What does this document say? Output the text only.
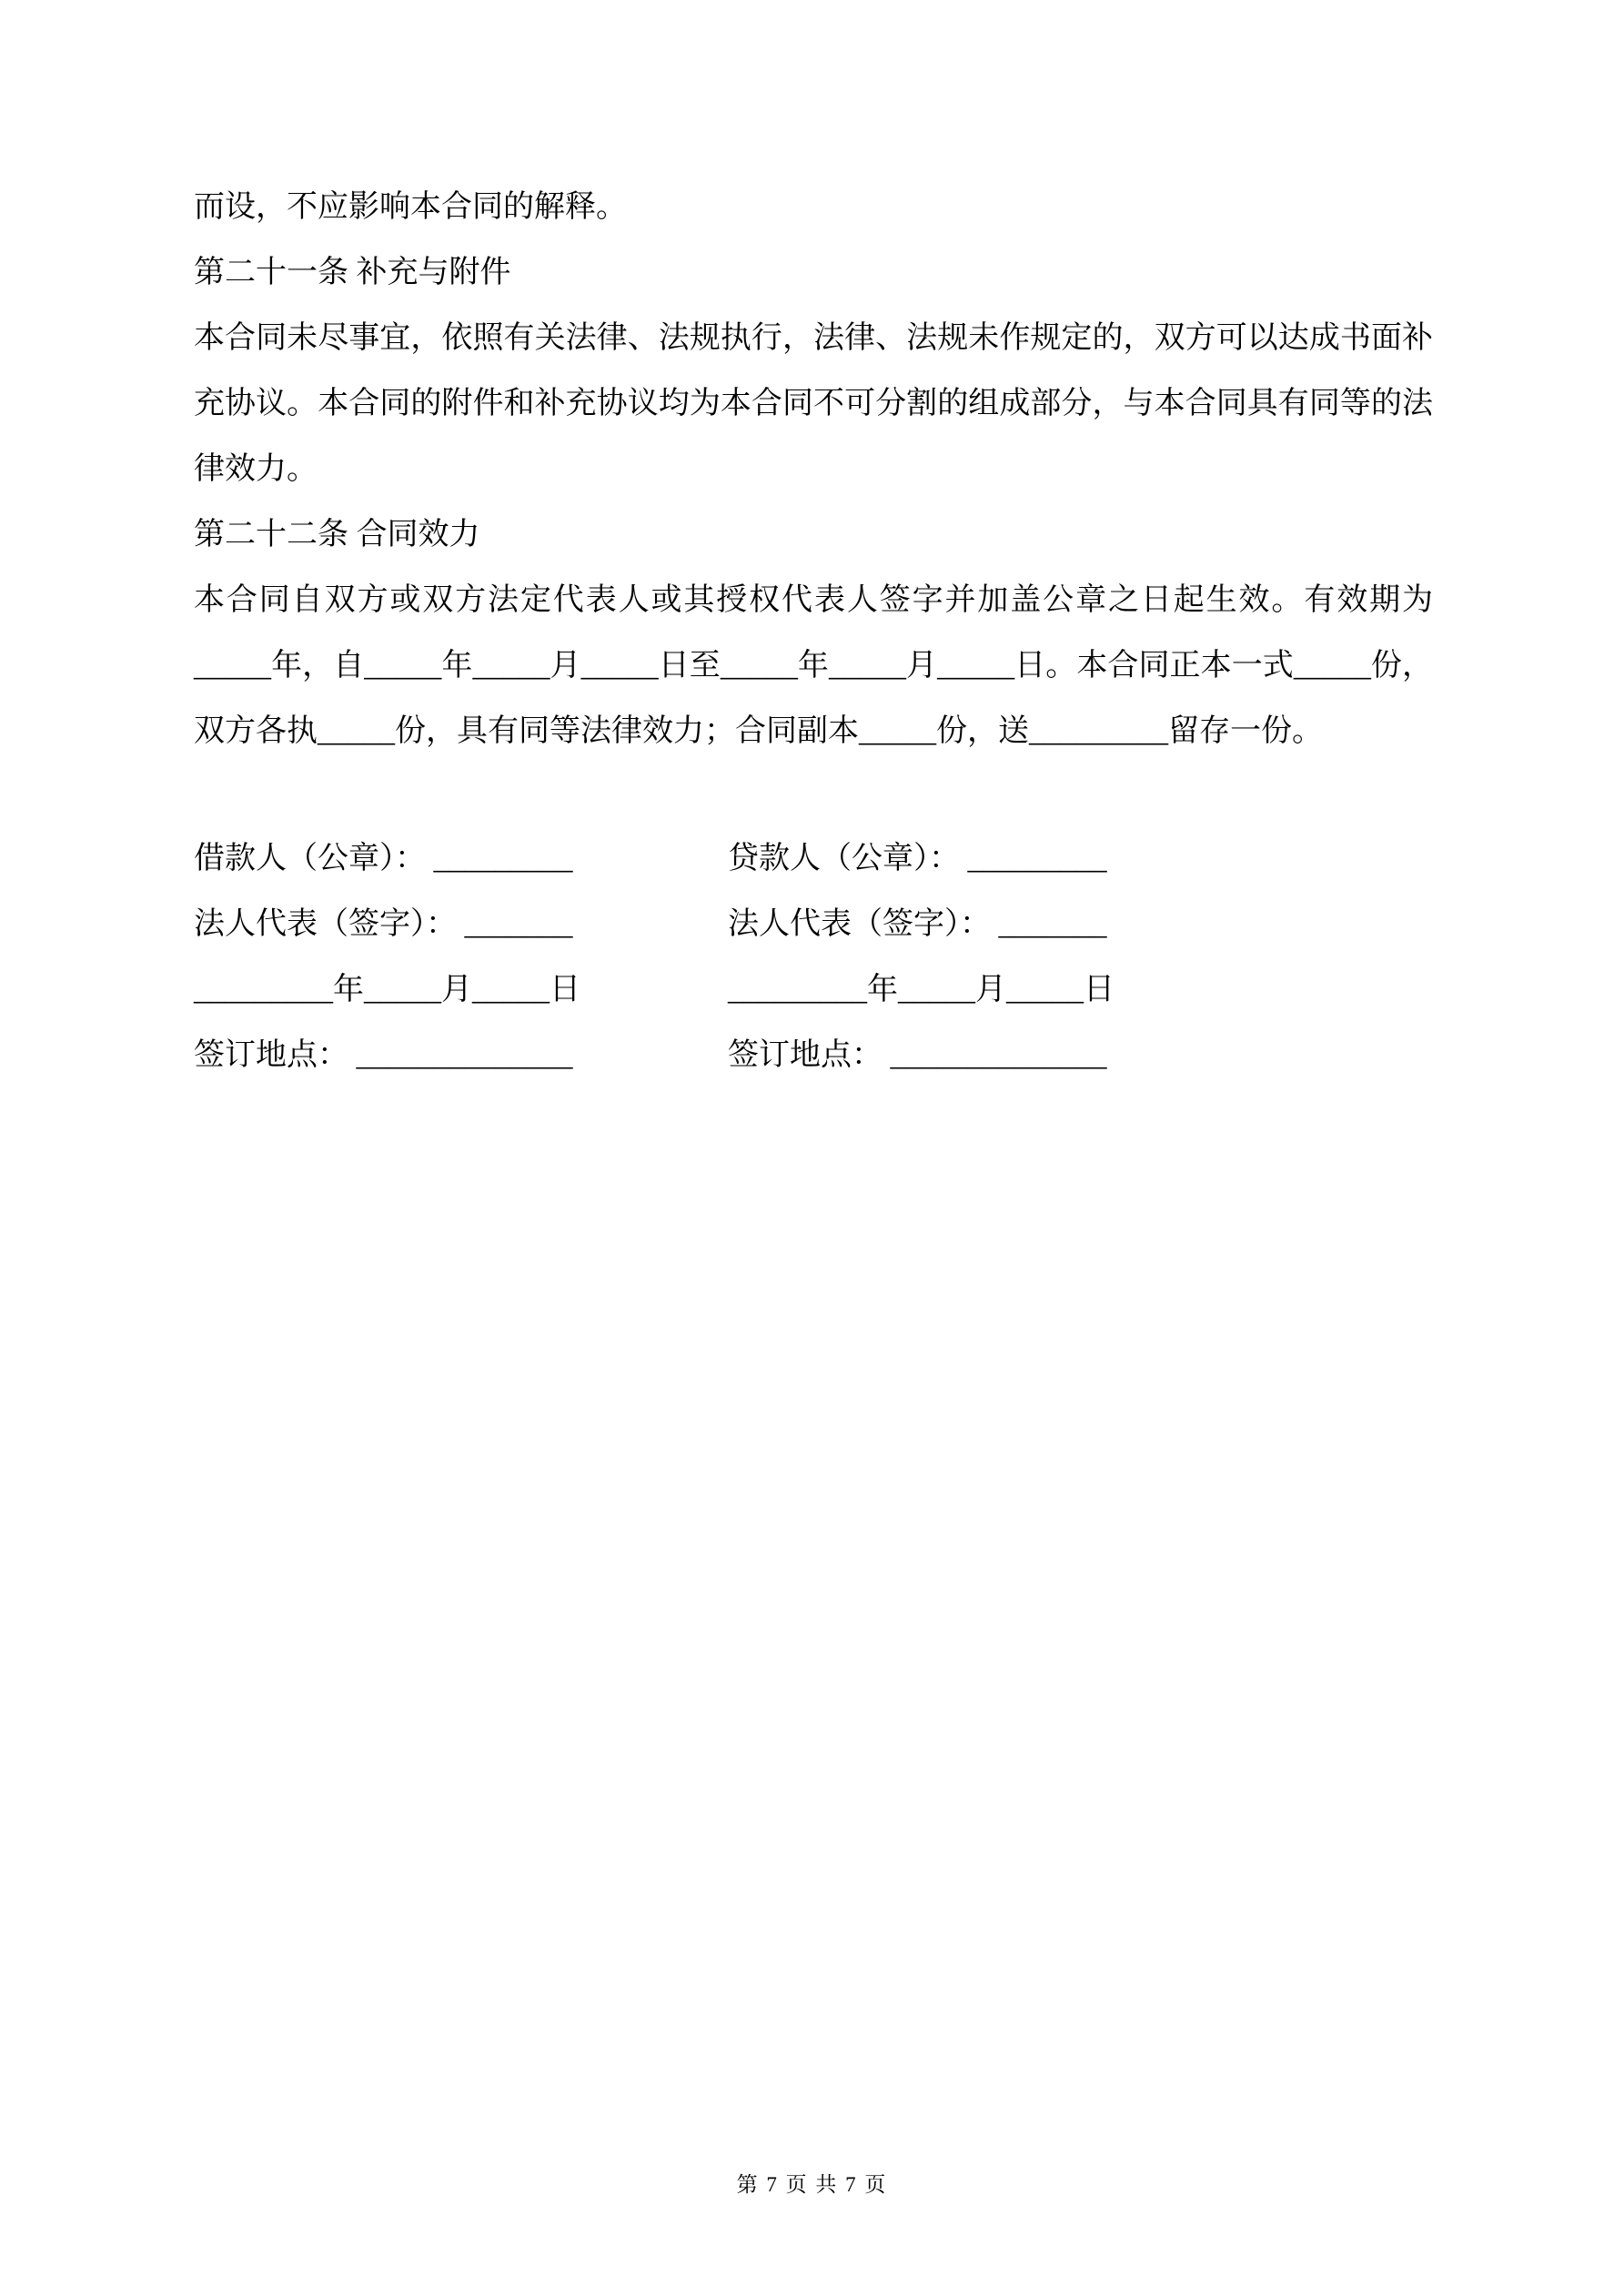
而设，不应影响本合同的解释。

第二十一条 补充与附件

本合同未尽事宜，依照有关法律、法规执行，法律、法规未作规定的，双方可以达成书面补充协议。本合同的附件和补充协议均为本合同不可分割的组成部分，与本合同具有同等的法律效力。

第二十二条 合同效力

本合同自双方或双方法定代表人或其授权代表人签字并加盖公章之日起生效。有效期为_____年，自_____年_____月_____日至_____年_____月_____日。本合同正本一式_____份，双方各执_____份，具有同等法律效力；合同副本_____份，送_________留存一份。

借款人（公章）： _________
法人代表（签字）： _______
_________年_____月_____日
签订地点： ______________
贷款人（公章）： _________
法人代表（签字）： _______
_________年_____月_____日
签订地点： ______________
第 7 页 共 7 页
